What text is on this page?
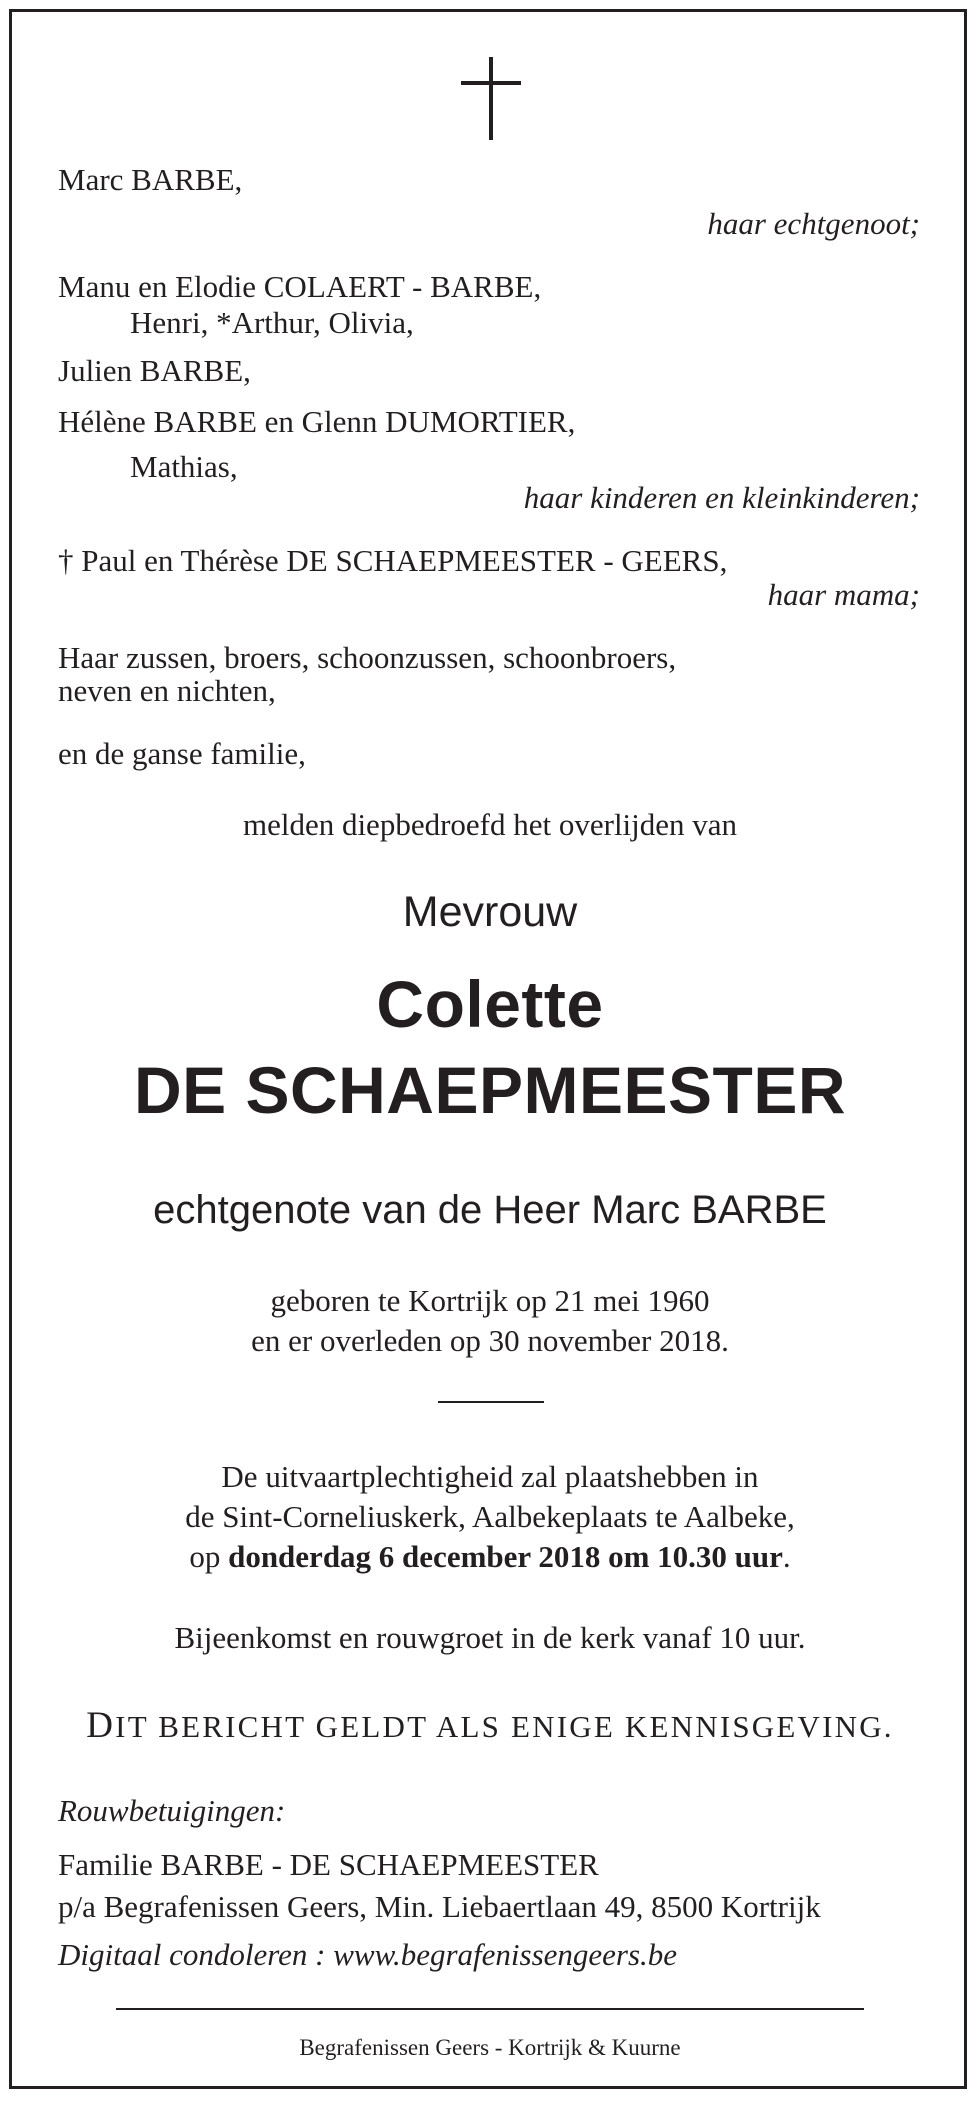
Marc BARBE,
haar echtgenoot;
Manu en Elodie COLAERT - BARBE,
Henri, *Arthur, Olivia,
Julien BARBE,
Hélène BARBE en Glenn DUMORTIER,
Mathias,
haar kinderen en kleinkinderen;
† Paul en Thérèse DE SCHAEPMEESTER - GEERS,
haar mama;
Haar zussen, broers, schoonzussen, schoonbroers,
neven en nichten,
en de ganse familie,
melden diepbedroefd het overlijden van
Mevrouw
Colette
DE SCHAEPMEESTER
echtgenote van de Heer Marc BARBE
geboren te Kortrijk op 21 mei 1960
en er overleden op 30 november 2018.
De uitvaartplechtigheid zal plaatshebben in
de Sint-Corneliuskerk, Aalbekeplaats te Aalbeke,
op donderdag 6 december 2018 om 10.30 uur.
Bijeenkomst en rouwgroet in de kerk vanaf 10 uur.
DIT BERICHT GELDT ALS ENIGE KENNISGEVING.
Rouwbetuigingen:
Familie BARBE - DE SCHAEPMEESTER
p/a Begrafenissen Geers, Min. Liebaertlaan 49, 8500 Kortrijk
Digitaal condoleren : www.begrafenissengeers.be
Begrafenissen Geers - Kortrijk & Kuurne
